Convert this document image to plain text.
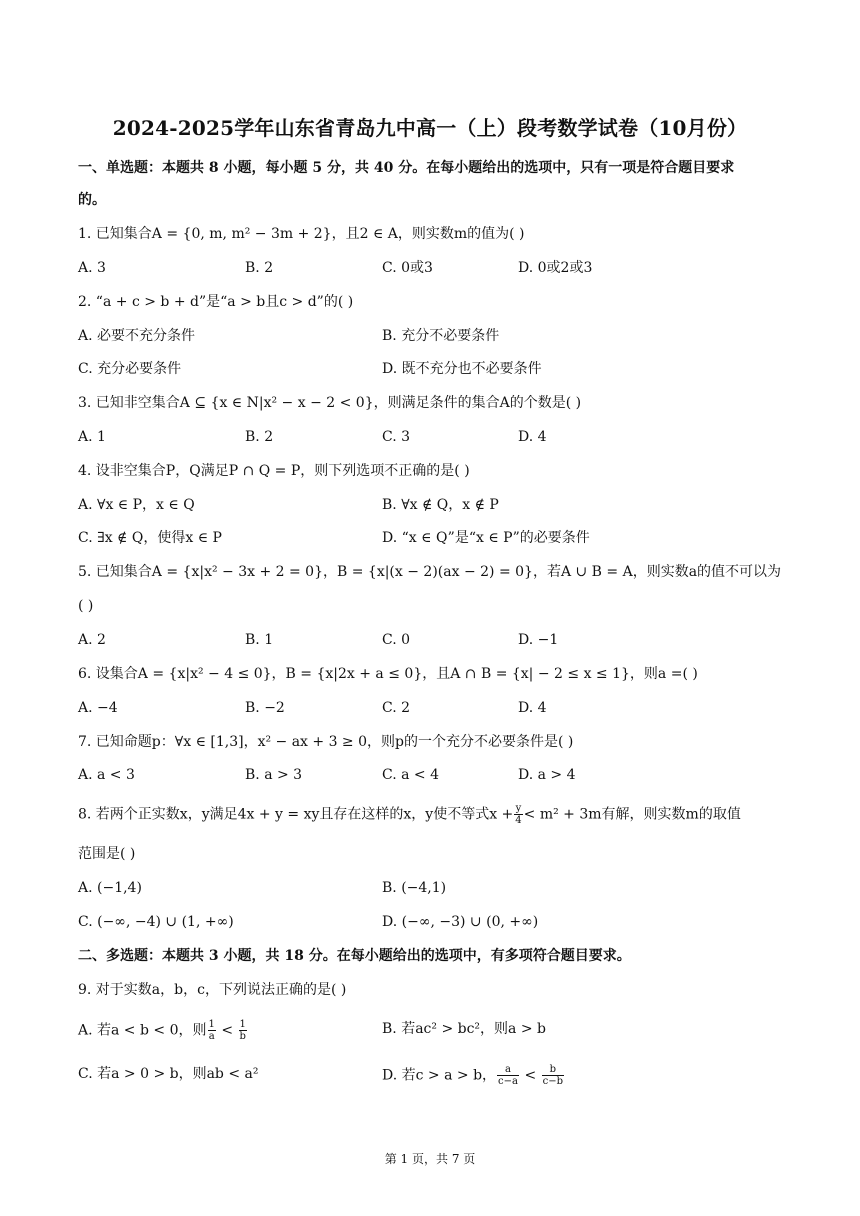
2024-2025学年山东省青岛九中高一（上）段考数学试卷（10月份）
一、单选题：本题共 8 小题，每小题 5 分，共 40 分。在每小题给出的选项中，只有一项是符合题目要求
的。
1. 已知集合A = {0, m, m² − 3m + 2}，且2 ∈ A，则实数m的值为( )
A. 3	B. 2	C. 0或3	D. 0或2或3
2. “a + c > b + d”是“a > b且c > d”的( )
A. 必要不充分条件	B. 充分不必要条件
C. 充分必要条件	D. 既不充分也不必要条件
3. 已知非空集合A ⊆ {x ∈ N|x² − x − 2 < 0}，则满足条件的集合A的个数是( )
A. 1	B. 2	C. 3	D. 4
4. 设非空集合P，Q满足P ∩ Q = P，则下列选项不正确的是( )
A. ∀x ∈ P，x ∈ Q	B. ∀x ∉ Q，x ∉ P
C. ∃x ∉ Q，使得x ∈ P	D. “x ∈ Q”是“x ∈ P”的必要条件
5. 已知集合A = {x|x² − 3x + 2 = 0}，B = {x|(x − 2)(ax − 2) = 0}，若A ∪ B = A，则实数a的值不可以为
( )
A. 2	B. 1	C. 0	D. −1
6. 设集合A = {x|x² − 4 ≤ 0}，B = {x|2x + a ≤ 0}，且A ∩ B = {x| − 2 ≤ x ≤ 1}，则a =( )
A. −4	B. −2	C. 2	D. 4
7. 已知命题p：∀x ∈ [1,3]，x² − ax + 3 ≥ 0，则p的一个充分不必要条件是( )
A. a < 3	B. a > 3	C. a < 4	D. a > 4
8. 若两个正实数x，y满足4x + y = xy且存在这样的x，y使不等式$x + \frac{y}{4} < m^2 + 3m$有解，则实数m的取值
范围是( )
A. (−1,4)	B. (−4,1)
C. (−∞, −4) ∪ (1, +∞)	D. (−∞, −3) ∪ (0, +∞)
二、多选题：本题共 3 小题，共 18 分。在每小题给出的选项中，有多项符合题目要求。
9. 对于实数a，b，c，下列说法正确的是( )
A. 若a < b < 0，则 $\frac{1}{a} < \frac{1}{b}$	B. 若ac² > bc²，则a > b
C. 若a > 0 > b，则ab < a²	D. 若c > a > b， $\frac{a}{c-a} < \frac{b}{c-b}$
第 1 页，共 7 页
